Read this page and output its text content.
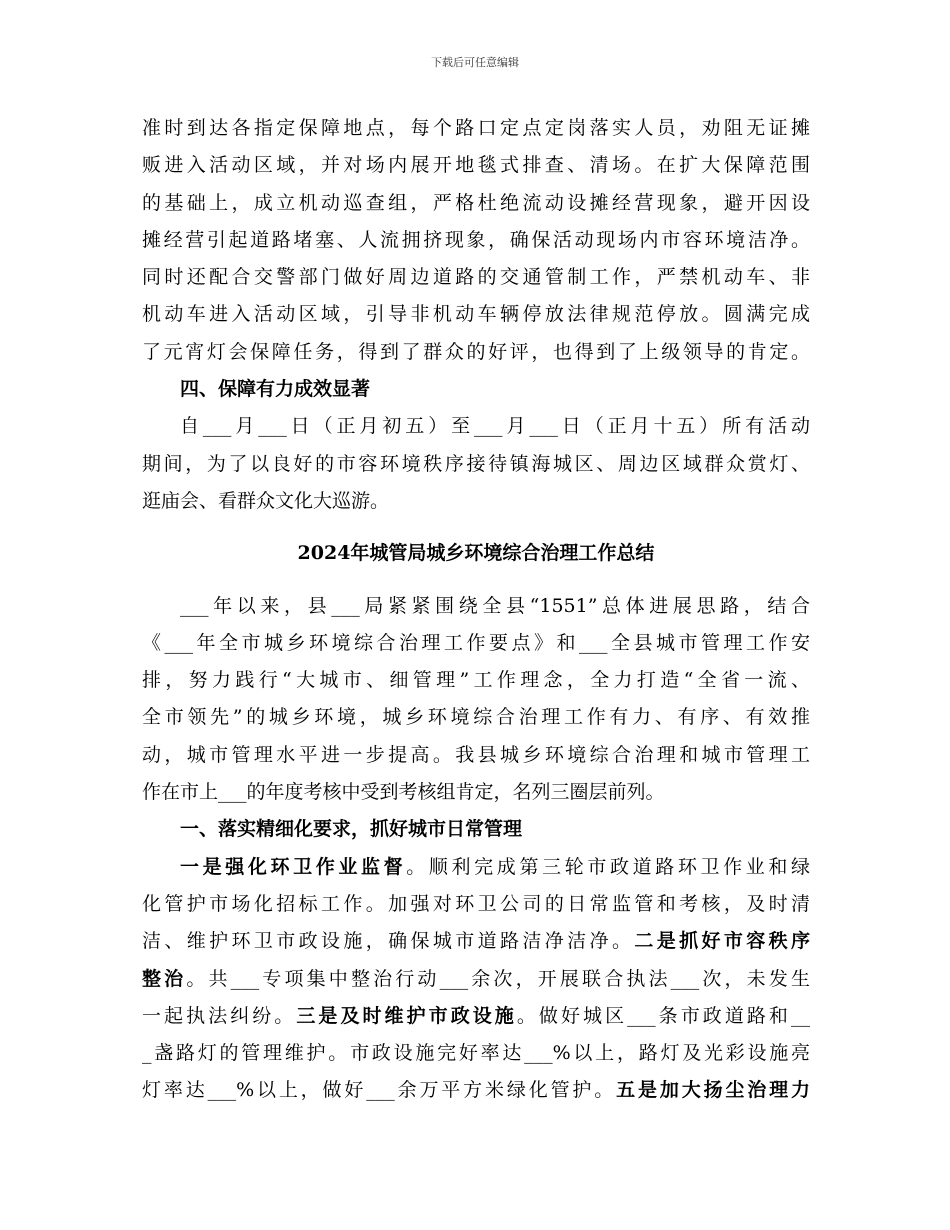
下载后可任意编辑
准时到达各指定保障地点，每个路口定点定岗落实人员，劝阻无证摊
贩进入活动区域，并对场内展开地毯式排查、清场。在扩大保障范围
的基础上，成立机动巡查组，严格杜绝流动设摊经营现象，避开因设
摊经营引起道路堵塞、人流拥挤现象，确保活动现场内市容环境洁净。
同时还配合交警部门做好周边道路的交通管制工作，严禁机动车、非
机动车进入活动区域，引导非机动车辆停放法律规范停放。圆满完成
了元宵灯会保障任务，得到了群众的好评，也得到了上级领导的肯定。
四、保障有力成效显著
自___月___日（正月初五）至___月___日（正月十五）所有活动
期间，为了以良好的市容环境秩序接待镇海城区、周边区域群众赏灯、
逛庙会、看群众文化大巡游。
2024年城管局城乡环境综合治理工作总结
___年以来，县___局紧紧围绕全县“1551”总体进展思路，结合
《___年全市城乡环境综合治理工作要点》和___全县城市管理工作安
排，努力践行“大城市、细管理”工作理念，全力打造“全省一流、
全市领先”的城乡环境，城乡环境综合治理工作有力、有序、有效推
动，城市管理水平进一步提高。我县城乡环境综合治理和城市管理工
作在市上___的年度考核中受到考核组肯定，名列三圈层前列。
一、落实精细化要求，抓好城市日常管理
一是强化环卫作业监督。顺利完成第三轮市政道路环卫作业和绿
化管护市场化招标工作。加强对环卫公司的日常监管和考核，及时清
洁、维护环卫市政设施，确保城市道路洁净洁净。二是抓好市容秩序
整治。共___专项集中整治行动___余次，开展联合执法___次，未发生
一起执法纠纷。三是及时维护市政设施。做好城区___条市政道路和__
_盏路灯的管理维护。市政设施完好率达___%以上，路灯及光彩设施亮
灯率达___%以上，做好___余万平方米绿化管护。五是加大扬尘治理力
